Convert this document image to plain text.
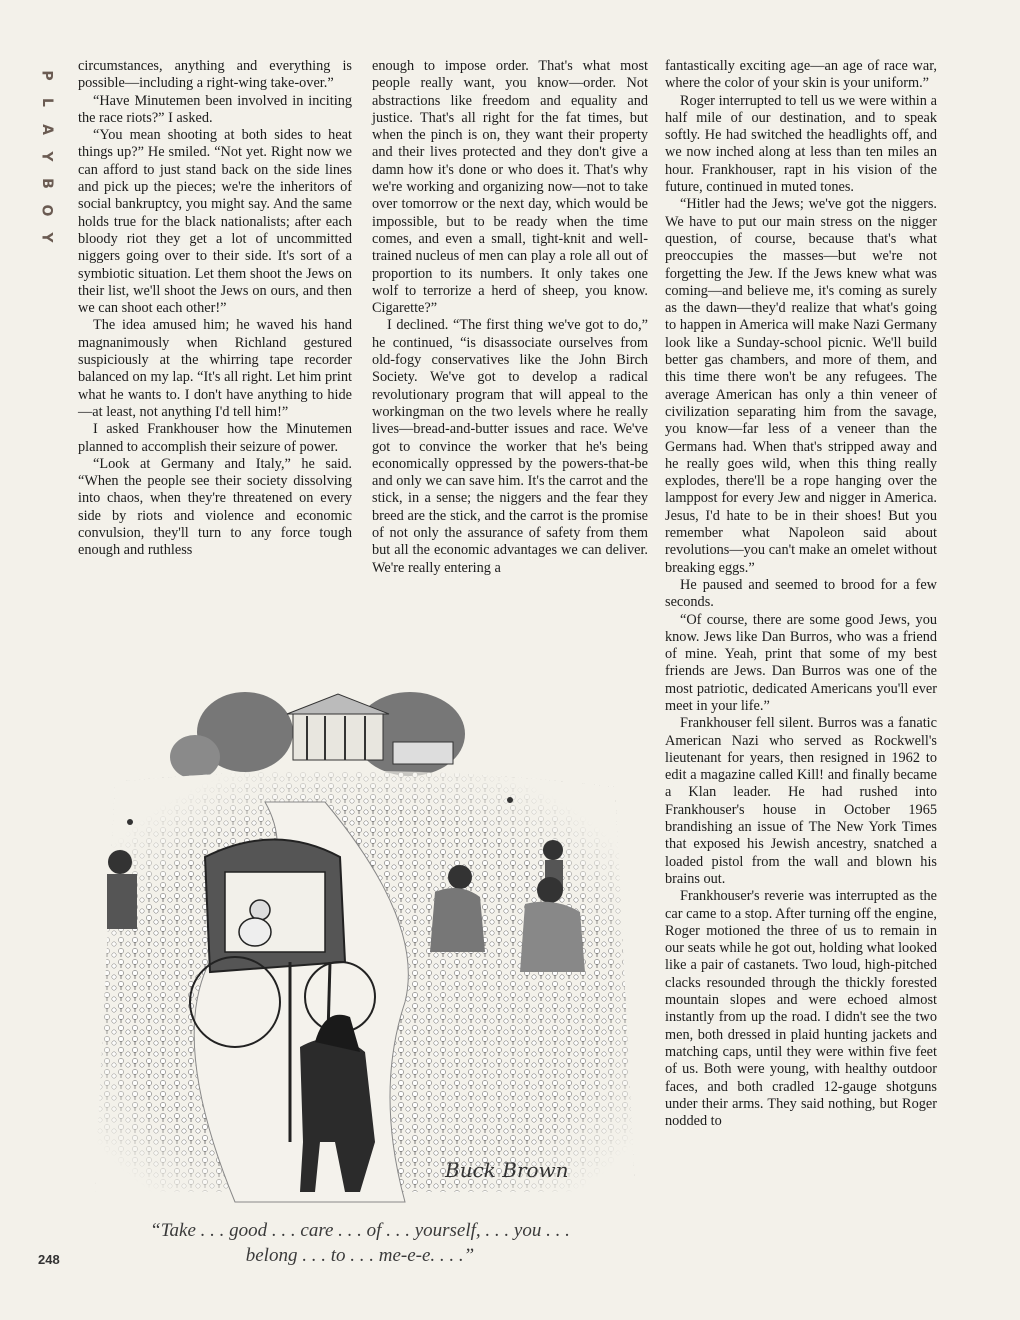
P
L
A
Y
B
O
Y

circumstances, anything and everything is possible—including a right-wing take-over.”

“Have Minutemen been involved in inciting the race riots?” I asked.

“You mean shooting at both sides to heat things up?” He smiled. “Not yet. Right now we can afford to just stand back on the side lines and pick up the pieces; we're the inheritors of social bankruptcy, you might say. And the same holds true for the black nationalists; after each bloody riot they get a lot of uncommitted niggers going over to their side. It's sort of a symbiotic situation. Let them shoot the Jews on their list, we'll shoot the Jews on ours, and then we can shoot each other!”

The idea amused him; he waved his hand magnanimously when Richland gestured suspiciously at the whirring tape recorder balanced on my lap. “It's all right. Let him print what he wants to. I don't have anything to hide—at least, not anything I'd tell him!”

I asked Frankhouser how the Minutemen planned to accomplish their seizure of power.

“Look at Germany and Italy,” he said. “When the people see their society dissolving into chaos, when they're threatened on every side by riots and violence and economic convulsion, they'll turn to any force tough enough and ruthless

enough to impose order. That's what most people really want, you know—order. Not abstractions like freedom and equality and justice. That's all right for the fat times, but when the pinch is on, they want their property and their lives protected and they don't give a damn how it's done or who does it. That's why we're working and organizing now—not to take over tomorrow or the next day, which would be impossible, but to be ready when the time comes, and even a small, tight-knit and well-trained nucleus of men can play a role all out of proportion to its numbers. It only takes one wolf to terrorize a herd of sheep, you know. Cigarette?”

I declined. “The first thing we've got to do,” he continued, “is disassociate ourselves from old-fogy conservatives like the John Birch Society. We've got to develop a radical revolutionary program that will appeal to the workingman on the two levels where he really lives—bread-and-butter issues and race. We've got to convince the worker that he's being economically oppressed by the powers-that-be and only we can save him. It's the carrot and the stick, in a sense; the niggers and the fear they breed are the stick, and the carrot is the promise of not only the assurance of safety from them but all the economic advantages we can deliver. We're really entering a

fantastically exciting age—an age of race war, where the color of your skin is your uniform.”

Roger interrupted to tell us we were within a half mile of our destination, and to speak softly. He had switched the headlights off, and we now inched along at less than ten miles an hour. Frankhouser, rapt in his vision of the future, continued in muted tones.

“Hitler had the Jews; we've got the niggers. We have to put our main stress on the nigger question, of course, because that's what preoccupies the masses—but we're not forgetting the Jew. If the Jews knew what was coming—and believe me, it's coming as surely as the dawn—they'd realize that what's going to happen in America will make Nazi Germany look like a Sunday-school picnic. We'll build better gas chambers, and more of them, and this time there won't be any refugees. The average American has only a thin veneer of civilization separating him from the savage, you know—far less of a veneer than the Germans had. When that's stripped away and he really goes wild, when this thing really explodes, there'll be a rope hanging over the lamppost for every Jew and nigger in America. Jesus, I'd hate to be in their shoes! But you remember what Napoleon said about revolutions—you can't make an omelet without breaking eggs.”

He paused and seemed to brood for a few seconds.

“Of course, there are some good Jews, you know. Jews like Dan Burros, who was a friend of mine. Yeah, print that some of my best friends are Jews. Dan Burros was one of the most patriotic, dedicated Americans you'll ever meet in your life.”

Frankhouser fell silent. Burros was a fanatic American Nazi who served as Rockwell's lieutenant for years, then resigned in 1962 to edit a magazine called Kill! and finally became a Klan leader. He had rushed into Frankhouser's house in October 1965 brandishing an issue of The New York Times that exposed his Jewish ancestry, snatched a loaded pistol from the wall and blown his brains out.

Frankhouser's reverie was interrupted as the car came to a stop. After turning off the engine, Roger motioned the three of us to remain in our seats while he got out, holding what looked like a pair of castanets. Two loud, high-pitched clacks resounded through the thickly forested mountain slopes and were echoed almost instantly from up the road. I didn't see the two men, both dressed in plaid hunting jackets and matching caps, until they were within five feet of us. Both were young, with healthy outdoor faces, and both cradled 12-gauge shotguns under their arms. They said nothing, but Roger nodded to

Buck Brown
“Take . . . good . . . care . . . of . . . yourself, . . . you . . .
belong . . . to . . . me-e-e. . . .”
248
